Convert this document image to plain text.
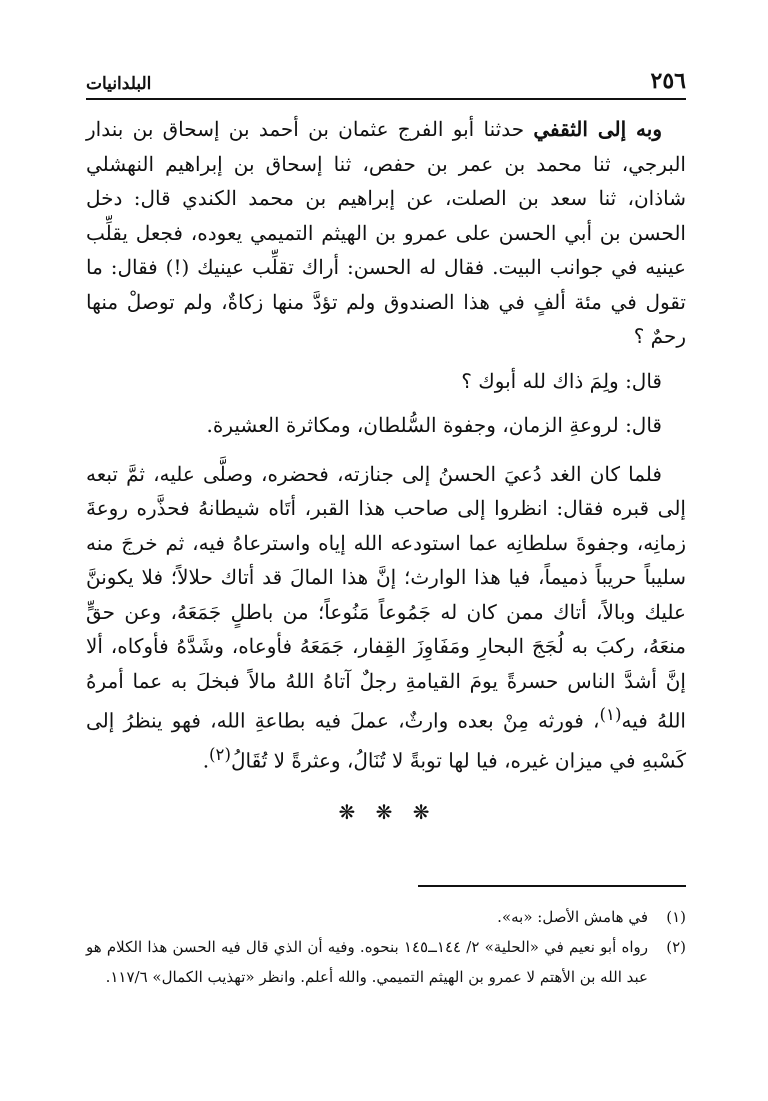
البلدانيات	٢٥٦

وبه إلى الثقفي حدثنا أبو الفرج عثمان بن أحمد بن إسحاق بن بندار البرجي، ثنا محمد بن عمر بن حفص، ثنا إسحاق بن إبراهيم النهشلي شاذان، ثنا سعد بن الصلت، عن إبراهيم بن محمد الكندي قال: دخل الحسن بن أبي الحسن على عمرو بن الهيثم التميمي يعوده، فجعل يقلِّب عينيه في جوانب البيت. فقال له الحسن: أراك تقلِّب عينيك (!) فقال: ما تقول في مئة ألفٍ في هذا الصندوق ولم تؤدَّ منها زكاةٌ، ولم توصلْ منها رحمٌ ؟

قال: ولِمَ ذاك لله أبوك ؟

قال: لروعةِ الزمان، وجفوة السُّلطان، ومكاثرة العشيرة.

فلما كان الغد دُعيَ الحسنُ إلى جنازته، فحضره، وصلَّى عليه، ثمَّ تبعه إلى قبره فقال: انظروا إلى صاحب هذا القبر، أتَاه شيطانهُ فحذَّره روعةَ زمانِه، وجفوةَ سلطانِه عما استودعه الله إياه واسترعاهُ فيه، ثم خرجَ منه سليباً حريباً ذميماً، فيا هذا الوارث؛ إنَّ هذا المالَ قد أتاك حلالاً؛ فلا يكوننَّ عليك وبالاً، أتاك ممن كان له جَمُوعاً مَنُوعاً؛ من باطلٍ جَمَعَهُ، وعن حقٍّ منعَهُ، ركبَ به لُجَجَ البحارِ ومَفَاوِزَ القِفار، جَمَعَهُ فأوعاه، وشَدَّهُ فأوكاه، ألا إنَّ أشدَّ الناس حسرةً يومَ القيامةِ رجلٌ آتاهُ اللهُ مالاً فبخلَ به عما أمرهُ اللهُ فيه$^{(١)}$، فورثه مِنْ بعده وارثٌ، عملَ فيه بطاعةِ الله، فهو ينظرُ إلى كَسْبهِ في ميزان غيره، فيا لها توبةً لا تُنَالُ، وعثرةً لا تُقَالُ$^{(٢)}$.

❋ ❋ ❋
(١)
في هامش الأصل: «به».
(٢)
رواه أبو نعيم في «الحلية» ٢/ ١٤٤ــ١٤٥ بنحوه. وفيه أن الذي قال فيه الحسن هذا الكلام هو عبد الله بن الأهتم لا عمرو بن الهيثم التميمي. والله أعلم. وانظر «تهذيب الكمال» ١١٧/٦.
